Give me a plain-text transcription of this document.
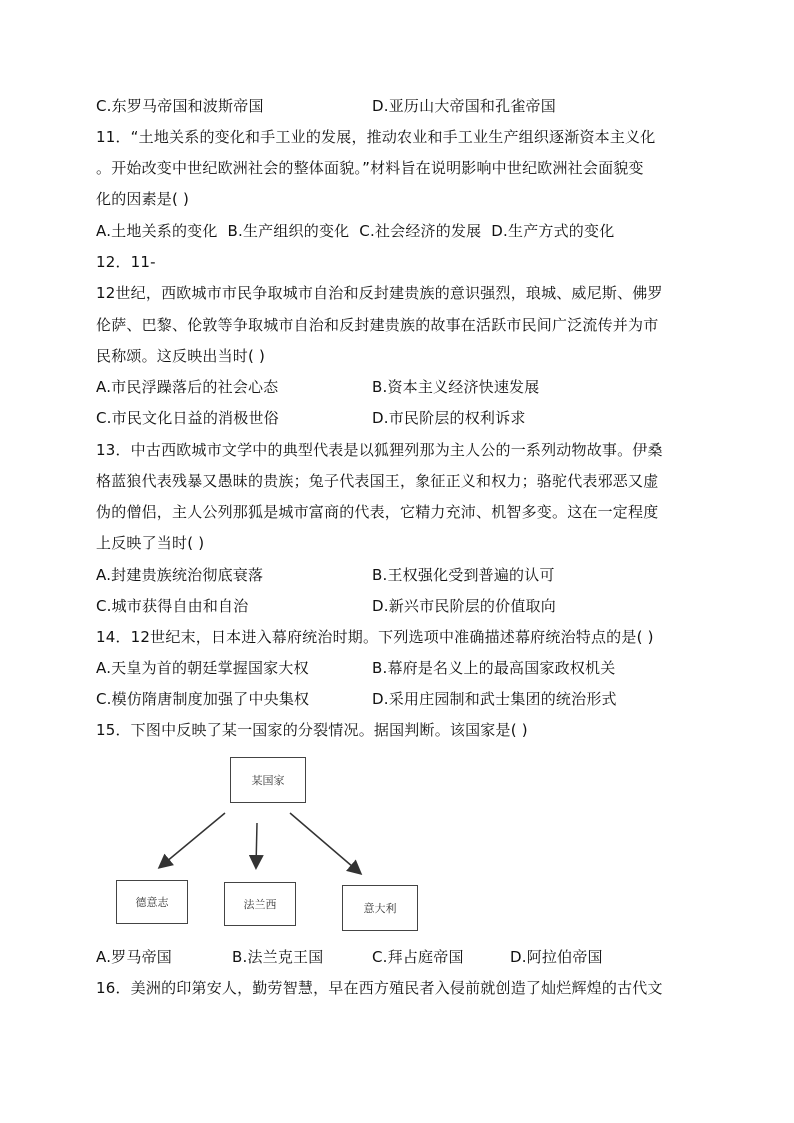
C.东罗马帝国和波斯帝国	D.亚历山大帝国和孔雀帝国
11．“土地关系的变化和手工业的发展，推动农业和手工业生产组织逐渐资本主义化
。开始改变中世纪欧洲社会的整体面貌。”材料旨在说明影响中世纪欧洲社会面貌变
化的因素是( )
A.土地关系的变化  B.生产组织的变化  C.社会经济的发展  D.生产方式的变化
12．11-
12世纪，西欧城市市民争取城市自治和反封建贵族的意识强烈，琅城、威尼斯、佛罗
伦萨、巴黎、伦敦等争取城市自治和反封建贵族的故事在活跃市民间广泛流传并为市
民称颂。这反映出当时( )
A.市民浮躁落后的社会心态	B.资本主义经济快速发展
C.市民文化日益的消极世俗	D.市民阶层的权利诉求
13．中古西欧城市文学中的典型代表是以狐狸列那为主人公的一系列动物故事。伊桑
格蓝狼代表残暴又愚昧的贵族；兔子代表国王，象征正义和权力；骆驼代表邪恶又虚
伪的僧侣，主人公列那狐是城市富商的代表，它精力充沛、机智多变。这在一定程度
上反映了当时( )
A.封建贵族统治彻底衰落	B.王权强化受到普遍的认可
C.城市获得自由和自治	D.新兴市民阶层的价值取向
14．12世纪末，日本进入幕府统治时期。下列选项中准确描述幕府统治特点的是( )
A.天皇为首的朝廷掌握国家大权	B.幕府是名义上的最高国家政权机关
C.模仿隋唐制度加强了中央集权	D.采用庄园制和武士集团的统治形式
15．下图中反映了某一国家的分裂情况。据国判断。该国家是( )
某国家
德意志	法兰西	意大利
A.罗马帝国	B.法兰克王国	C.拜占庭帝国	D.阿拉伯帝国
16．美洲的印第安人，勤劳智慧，早在西方殖民者入侵前就创造了灿烂辉煌的古代文
